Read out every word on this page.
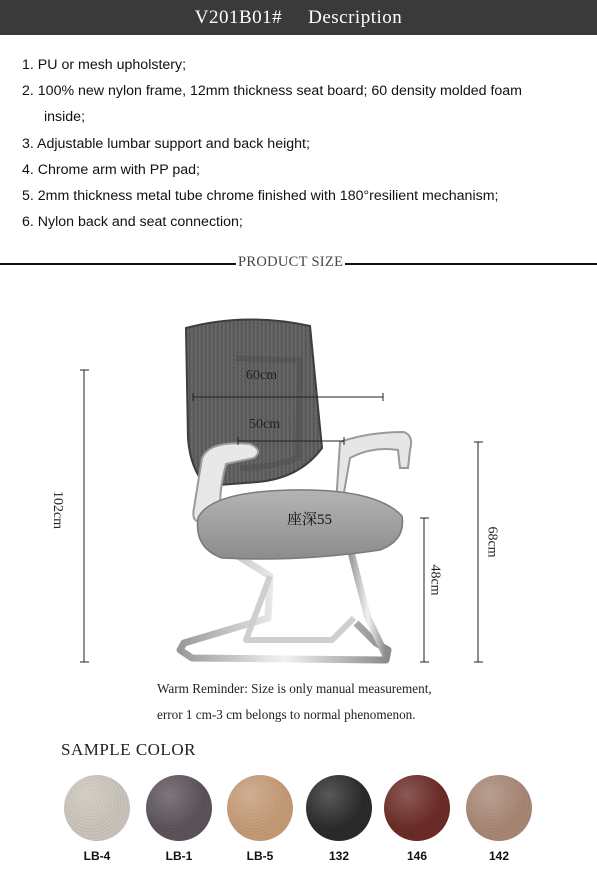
V201B01# Description
1. PU or mesh upholstery;
2. 100% new nylon frame, 12mm thickness seat board; 60 density molded foam
inside;
3. Adjustable lumbar support and back height;
4. Chrome arm with PP pad;
5. 2mm thickness metal tube chrome finished with 180°resilient mechanism;
6. Nylon back and seat connection;
PRODUCT SIZE
60cm
50cm
座深55
102cm
68cm
48cm
Warm Reminder: Size is only manual measurement,
error 1 cm-3 cm belongs to normal phenomenon.
SAMPLE COLOR
LB-4	LB-1	LB-5	132	146	142
